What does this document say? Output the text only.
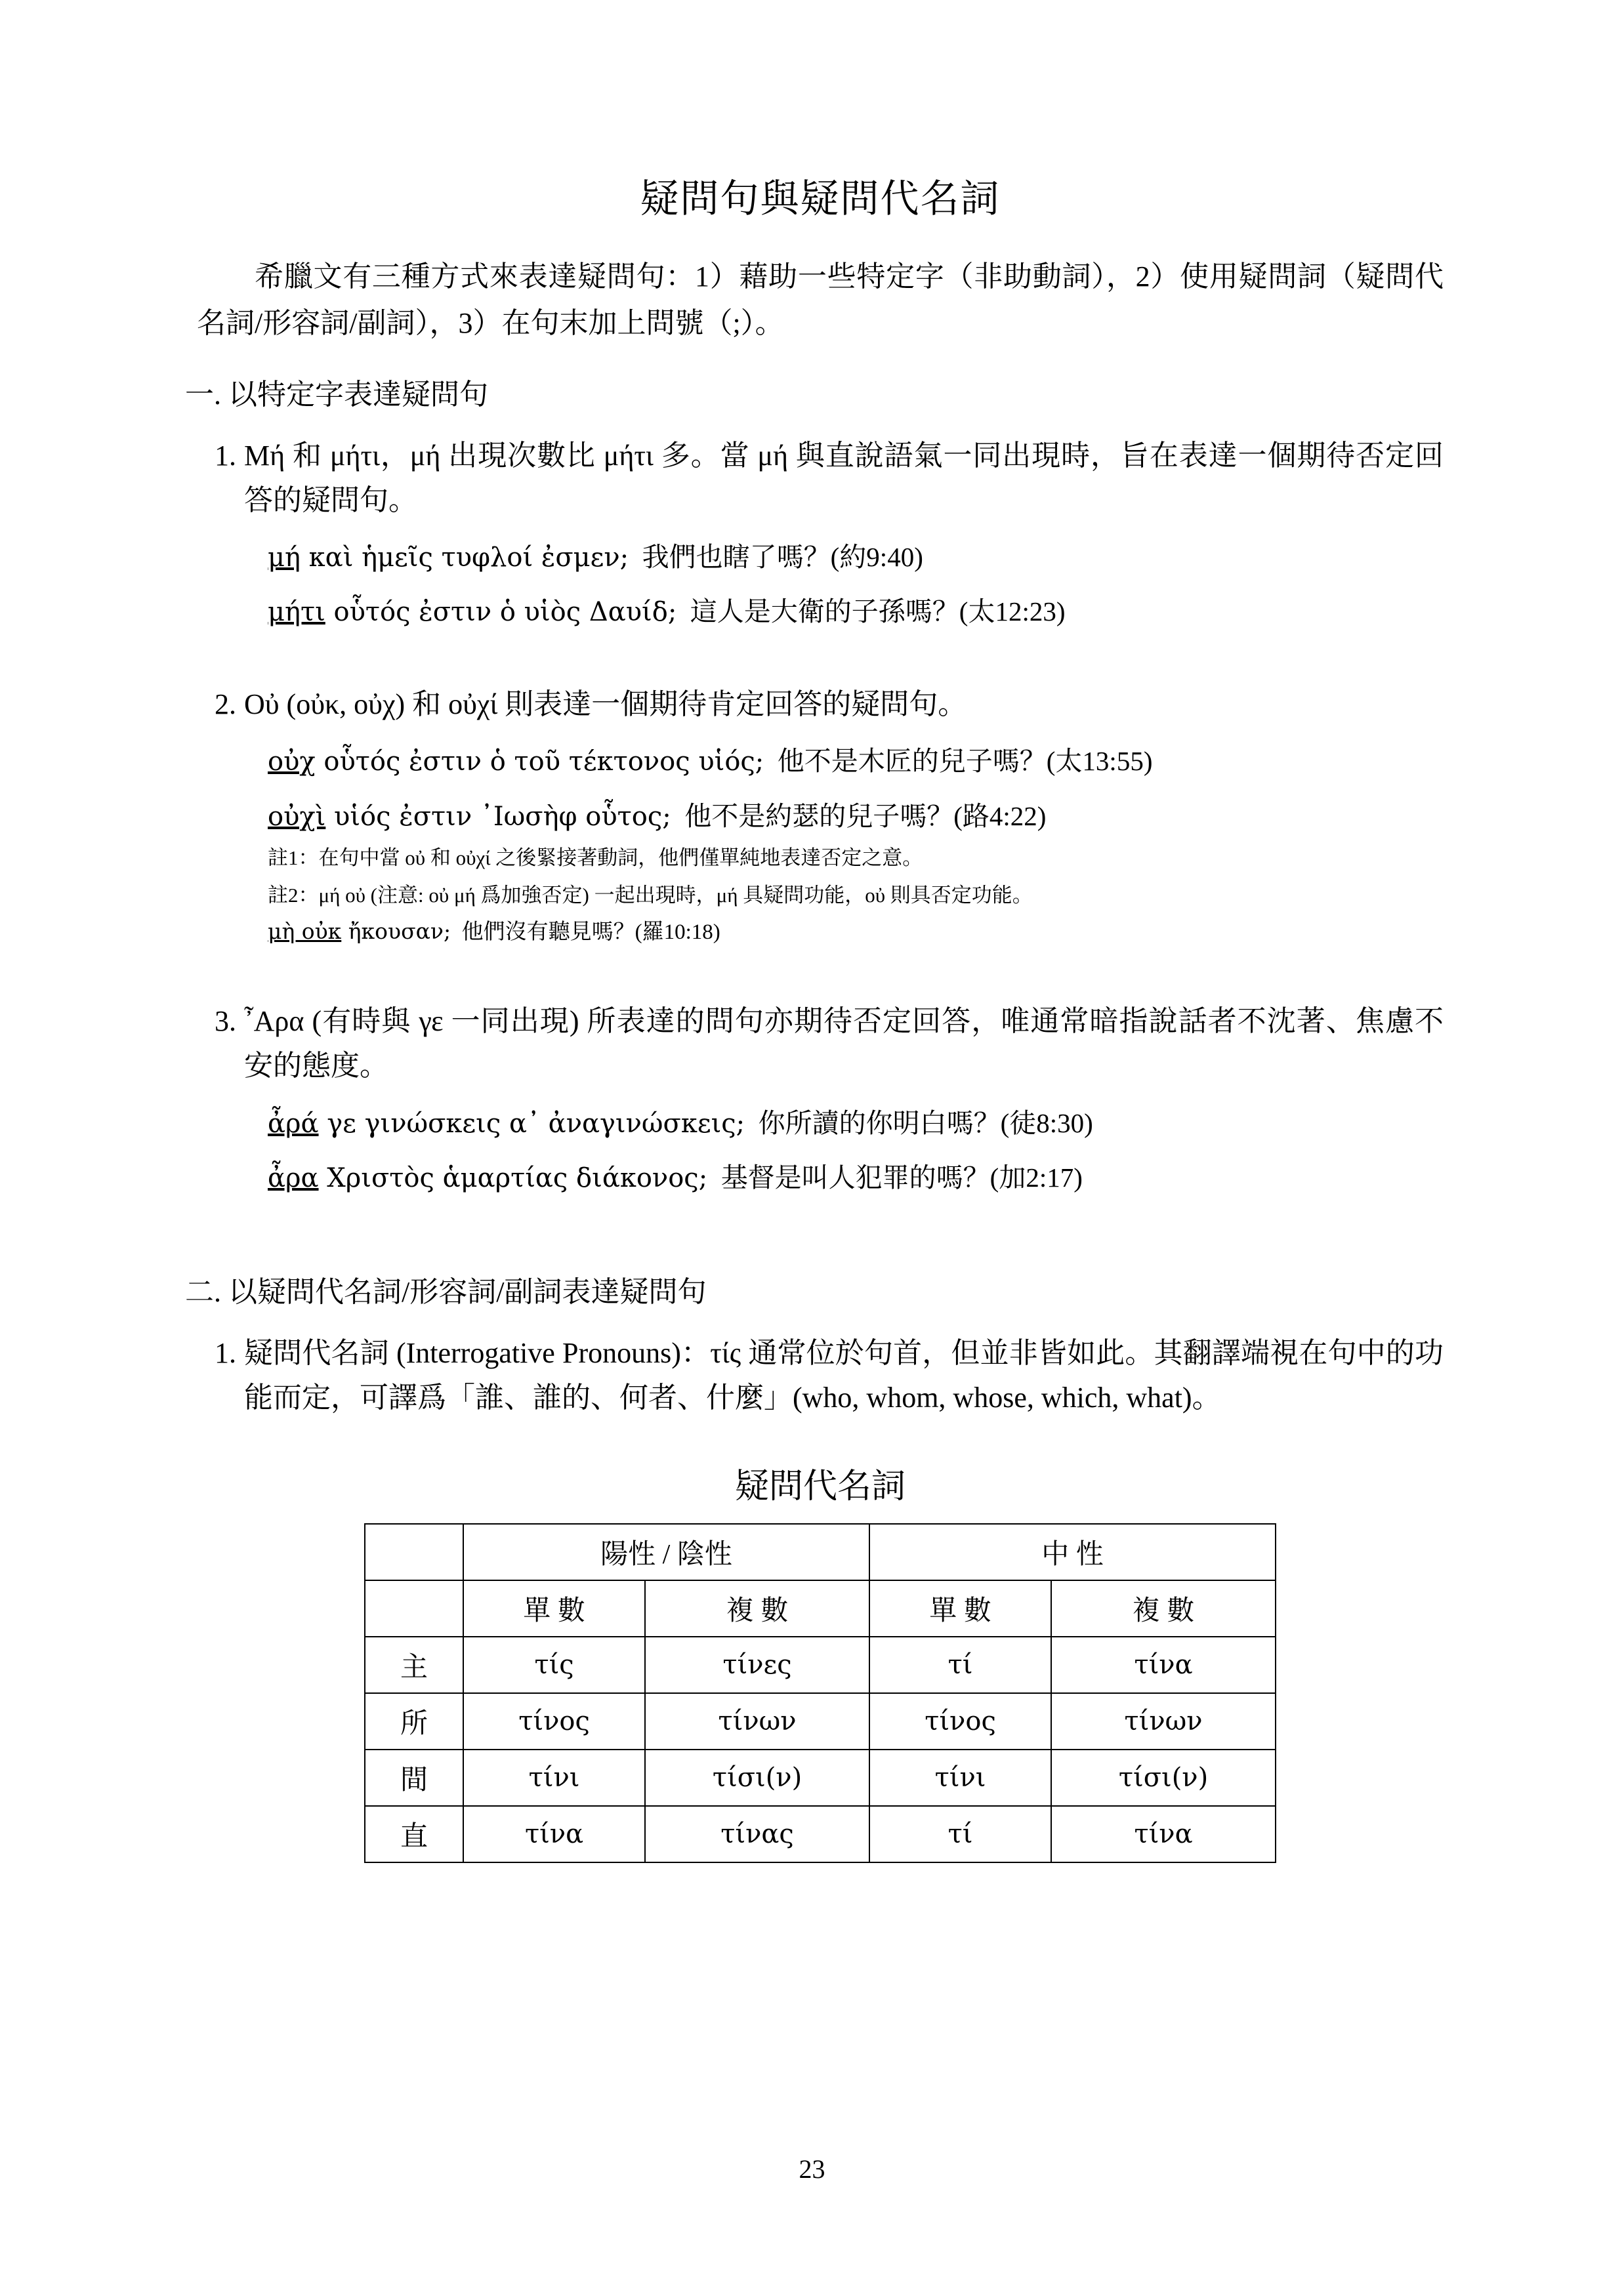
疑問句與疑問代名詞

希臘文有三種方式來表達疑問句：1）藉助一些特定字（非助動詞），2）使用疑問詞（疑問代名詞/形容詞/副詞），3）在句末加上問號（;）。

一. 以特定字表達疑問句
1. Μή 和 μήτι，μή 出現次數比 μήτι 多。當 μή 與直說語氣一同出現時，旨在表達一個期待否定回答的疑問句。
μή καὶ ἡμεῖς τυφλοί ἐσμεν; 我們也瞎了嗎？(約9:40)
μήτι οὗτός ἐστιν ὁ υἱὸς Δαυίδ; 這人是大衛的子孫嗎？(太12:23)
2. Οὐ (οὐκ, οὐχ) 和 οὐχί 則表達一個期待肯定回答的疑問句。
οὐχ οὗτός ἐστιν ὁ τοῦ τέκτονος υἱός; 他不是木匠的兒子嗎？(太13:55)
οὐχὶ υἱός ἐστιν ᾿Ιωσὴφ οὗτος; 他不是約瑟的兒子嗎？(路4:22)
註1：在句中當 οὐ 和 οὐχί 之後緊接著動詞，他們僅單純地表達否定之意。
註2：μή οὐ (注意: οὐ μή 爲加強否定) 一起出現時，μή 具疑問功能，οὐ 則具否定功能。
μὴ οὐκ ἤκουσαν; 他們沒有聽見嗎？(羅10:18)
3. ῏Αρα (有時與 γε 一同出現) 所表達的問句亦期待否定回答，唯通常暗指說話者不沈著、焦慮不安的態度。
ἆρά γε γινώσκεις α᾿ ἀναγινώσκεις; 你所讀的你明白嗎？(徒8:30)
ἆρα Χριστὸς ἁμαρτίας διάκονος; 基督是叫人犯罪的嗎？(加2:17)
二. 以疑問代名詞/形容詞/副詞表達疑問句
1. 疑問代名詞 (Interrogative Pronouns)：τίς 通常位於句首，但並非皆如此。其翻譯端視在句中的功能而定，可譯爲「誰、誰的、何者、什麼」(who, whom, whose, which, what)。
疑問代名詞
	陽性 / 陰性		中 性	
	單 數	複 數	單 數	複 數
主	τίς	τίνες	τί	τίνα
所	τίνος	τίνων	τίνος	τίνων
間	τίνι	τίσι(ν)	τίνι	τίσι(ν)
直	τίνα	τίνας	τί	τίνα
23
